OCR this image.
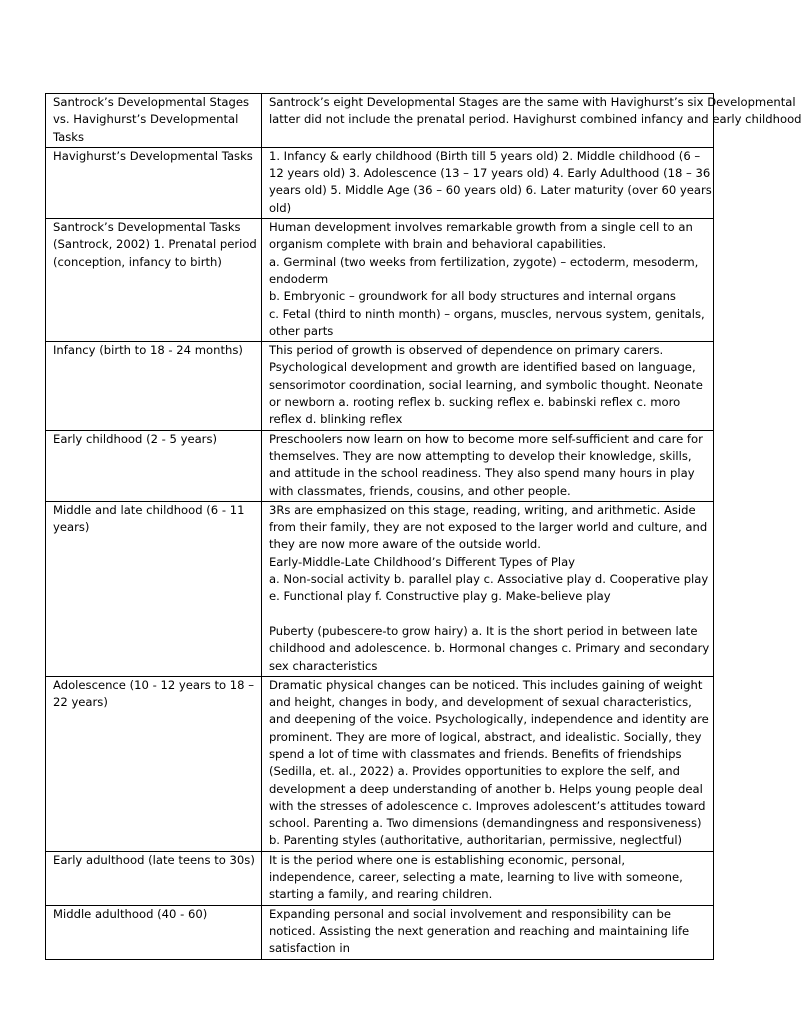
Santrock’s Developmental Stages vs. Havighurst’s Developmental Tasks	Santrock’s eight Developmental Stages are the same with Havighurst’s six Developmental
latter did not include the prenatal period. Havighurst combined infancy and early childhood
Havighurst’s Developmental Tasks	1. Infancy & early childhood (Birth till 5 years old) 2. Middle childhood (6 – 12 years old) 3. Adolescence (13 – 17 years old) 4. Early Adulthood (18 – 36 years old) 5. Middle Age (36 – 60 years old) 6. Later maturity (over 60 years old)
Santrock’s Developmental Tasks (Santrock, 2002) 1. Prenatal period (conception, infancy to birth)	Human development involves remarkable growth from a single cell to an organism complete with brain and behavioral capabilities.
a. Germinal (two weeks from fertilization, zygote) – ectoderm, mesoderm, endoderm
b. Embryonic – groundwork for all body structures and internal organs
c. Fetal (third to ninth month) – organs, muscles, nervous system, genitals, other parts
Infancy (birth to 18 - 24 months)	This period of growth is observed of dependence on primary carers. Psychological development and growth are identified based on language, sensorimotor coordination, social learning, and symbolic thought. Neonate or newborn a. rooting reflex b. sucking reflex e. babinski reflex c. moro reflex d. blinking reflex
Early childhood (2 - 5 years)	Preschoolers now learn on how to become more self-sufficient and care for themselves. They are now attempting to develop their knowledge, skills, and attitude in the school readiness. They also spend many hours in play with classmates, friends, cousins, and other people.
Middle and late childhood (6 - 11 years)	3Rs are emphasized on this stage, reading, writing, and arithmetic. Aside from their family, they are not exposed to the larger world and culture, and they are now more aware of the outside world.
Early-Middle-Late Childhood’s Different Types of Play
a. Non-social activity b. parallel play c. Associative play d. Cooperative play e. Functional play f. Constructive play g. Make-believe play

Puberty (pubescere-to grow hairy) a. It is the short period in between late childhood and adolescence. b. Hormonal changes c. Primary and secondary sex characteristics
Adolescence (10 - 12 years to 18 – 22 years)	Dramatic physical changes can be noticed. This includes gaining of weight and height, changes in body, and development of sexual characteristics, and deepening of the voice. Psychologically, independence and identity are prominent. They are more of logical, abstract, and idealistic. Socially, they spend a lot of time with classmates and friends. Benefits of friendships (Sedilla, et. al., 2022) a. Provides opportunities to explore the self, and development a deep understanding of another b. Helps young people deal with the stresses of adolescence c. Improves adolescent’s attitudes toward school. Parenting a. Two dimensions (demandingness and responsiveness) b. Parenting styles (authoritative, authoritarian, permissive, neglectful)
Early adulthood (late teens to 30s)	It is the period where one is establishing economic, personal, independence, career, selecting a mate, learning to live with someone, starting a family, and rearing children.
Middle adulthood (40 - 60)	Expanding personal and social involvement and responsibility can be noticed. Assisting the next generation and reaching and maintaining life satisfaction in
